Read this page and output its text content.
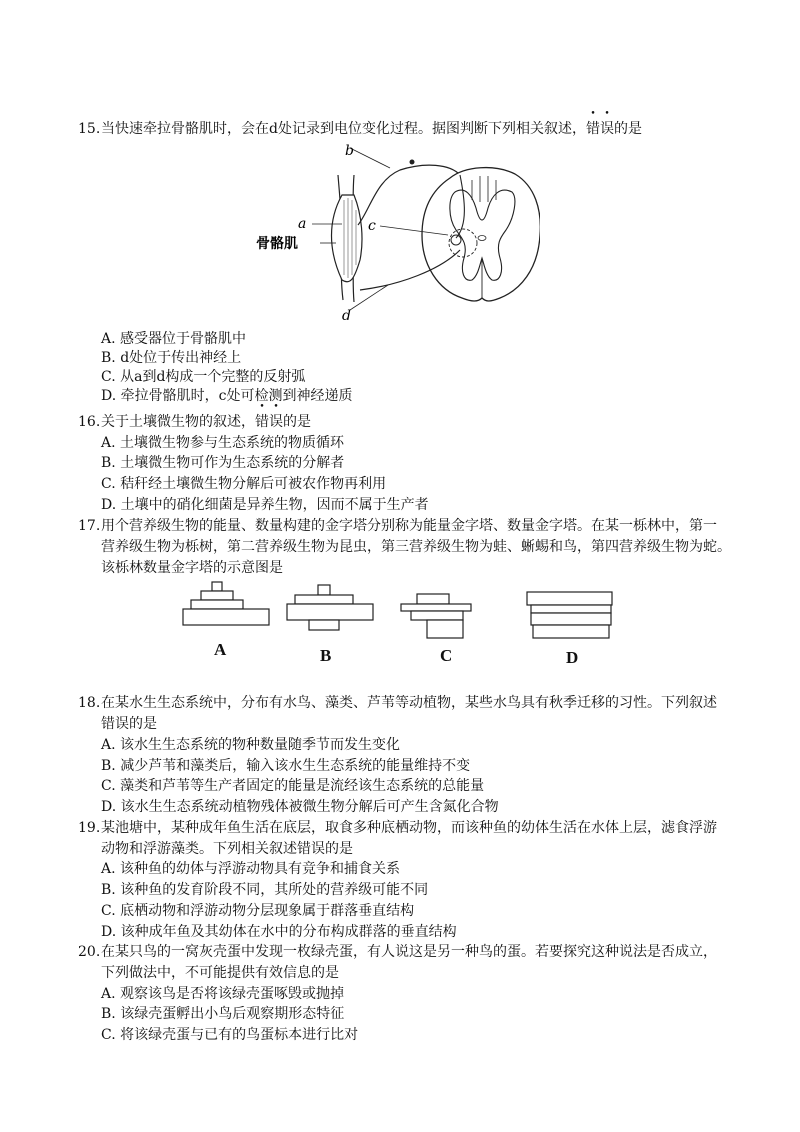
15. 当快速牵拉骨骼肌时，会在d处记录到电位变化过程。据图判断下列相关叙述，错误的是
b
a	c
d
骨骼肌
A. 感受器位于骨骼肌中
B. d处位于传出神经上
C. 从a到d构成一个完整的反射弧
D. 牵拉骨骼肌时，c处可检测到神经递质
16. 关于土壤微生物的叙述，错误的是
A. 土壤微生物参与生态系统的物质循环
B. 土壤微生物可作为生态系统的分解者
C. 秸秆经土壤微生物分解后可被农作物再利用
D. 土壤中的硝化细菌是异养生物，因而不属于生产者
17. 用个营养级生物的能量、数量构建的金字塔分别称为能量金字塔、数量金字塔。在某一栎林中，第一
营养级生物为栎树，第二营养级生物为昆虫，第三营养级生物为蛙、蜥蜴和鸟，第四营养级生物为蛇。
该栎林数量金字塔的示意图是
A	B	C	D
18. 在某水生生态系统中，分布有水鸟、藻类、芦苇等动植物，某些水鸟具有秋季迁移的习性。下列叙述
错误的是
A. 该水生生态系统的物种数量随季节而发生变化
B. 减少芦苇和藻类后，输入该水生生态系统的能量维持不变
C. 藻类和芦苇等生产者固定的能量是流经该生态系统的总能量
D. 该水生生态系统动植物残体被微生物分解后可产生含氮化合物
19. 某池塘中，某种成年鱼生活在底层，取食多种底栖动物，而该种鱼的幼体生活在水体上层，滤食浮游
动物和浮游藻类。下列相关叙述错误的是
A. 该种鱼的幼体与浮游动物具有竞争和捕食关系
B. 该种鱼的发育阶段不同，其所处的营养级可能不同
C. 底栖动物和浮游动物分层现象属于群落垂直结构
D. 该种成年鱼及其幼体在水中的分布构成群落的垂直结构
20. 在某只鸟的一窝灰壳蛋中发现一枚绿壳蛋，有人说这是另一种鸟的蛋。若要探究这种说法是否成立，
下列做法中，不可能提供有效信息的是
A. 观察该鸟是否将该绿壳蛋啄毁或抛掉
B. 该绿壳蛋孵出小鸟后观察期形态特征
C. 将该绿壳蛋与已有的鸟蛋标本进行比对
